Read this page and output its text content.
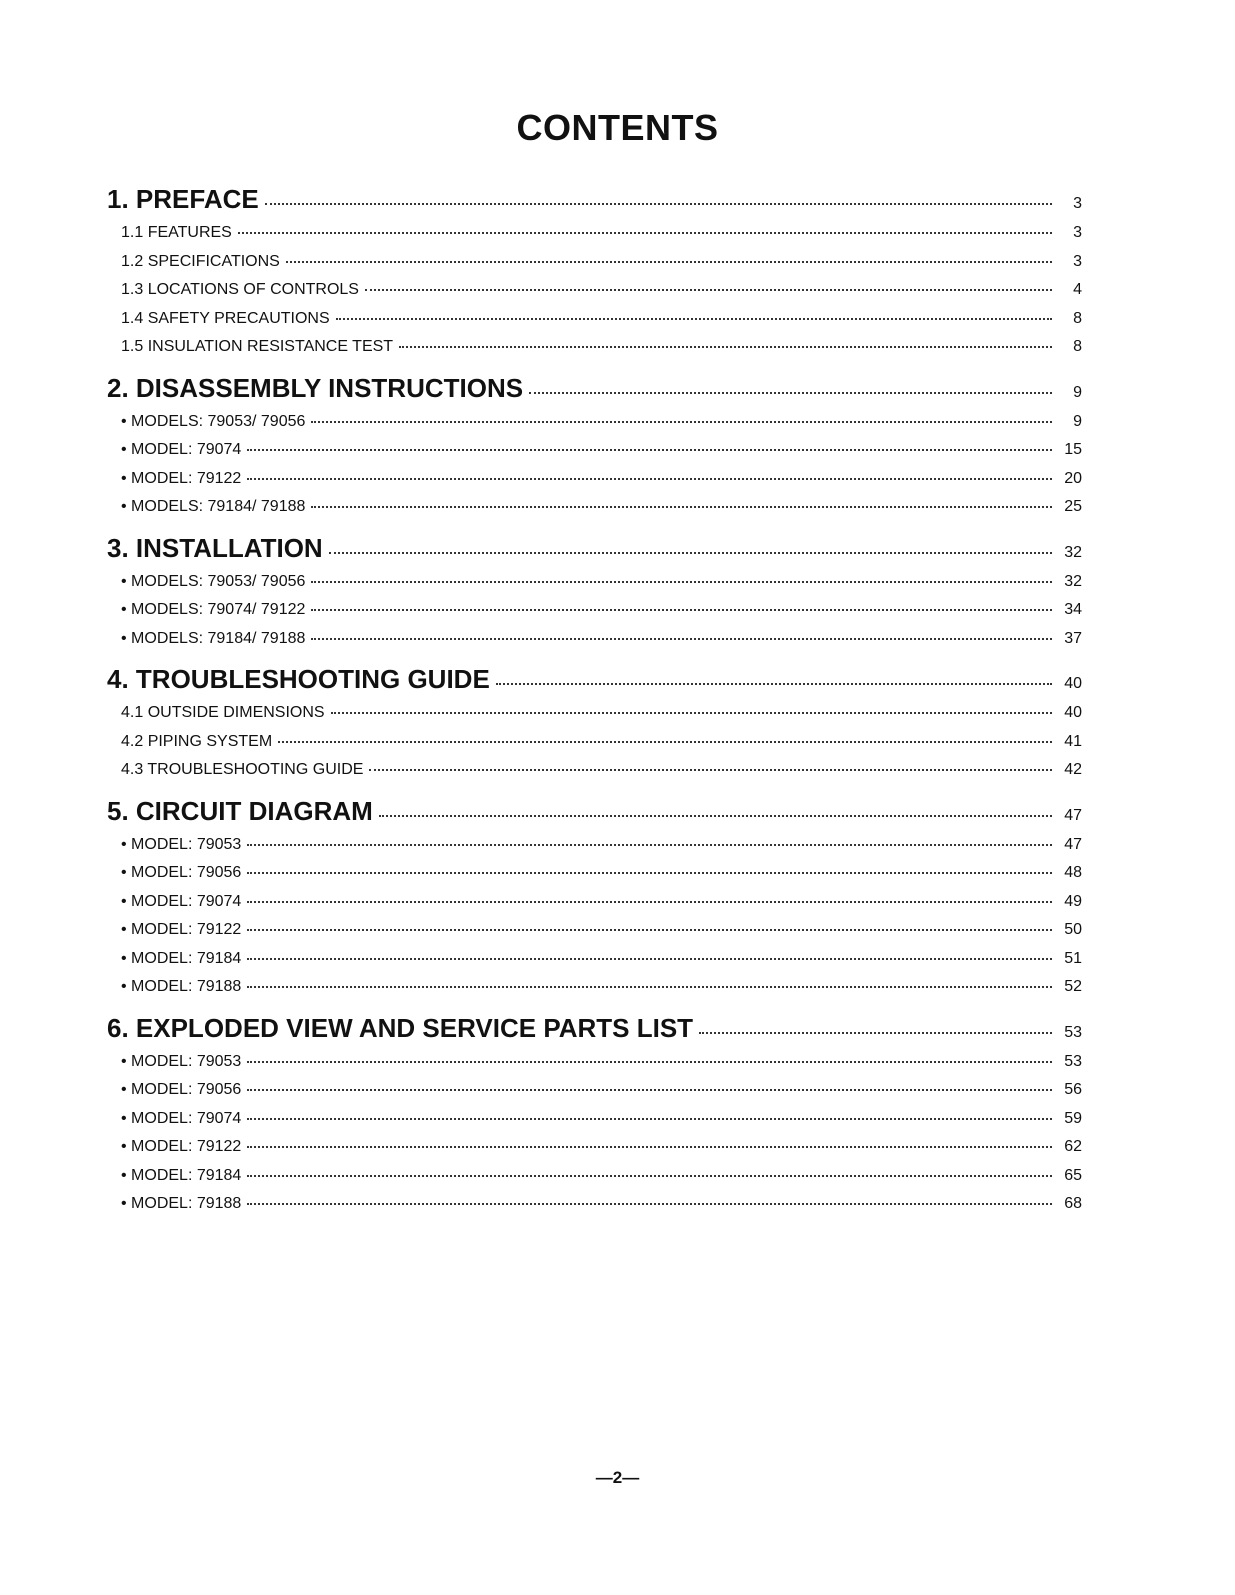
CONTENTS
1. PREFACE	3
1.1 FEATURES	3
1.2 SPECIFICATIONS	3
1.3 LOCATIONS OF CONTROLS	4
1.4 SAFETY PRECAUTIONS	8
1.5 INSULATION RESISTANCE TEST	8
2. DISASSEMBLY INSTRUCTIONS	9
• MODELS: 79053/ 79056	9
• MODEL: 79074	15
• MODEL: 79122	20
• MODELS: 79184/ 79188	25
3. INSTALLATION	32
• MODELS: 79053/ 79056	32
• MODELS: 79074/ 79122	34
• MODELS: 79184/ 79188	37
4. TROUBLESHOOTING GUIDE	40
4.1 OUTSIDE DIMENSIONS	40
4.2 PIPING SYSTEM	41
4.3 TROUBLESHOOTING GUIDE	42
5. CIRCUIT DIAGRAM	47
• MODEL: 79053	47
• MODEL: 79056	48
• MODEL: 79074	49
• MODEL: 79122	50
• MODEL: 79184	51
• MODEL: 79188	52
6. EXPLODED VIEW AND SERVICE PARTS LIST	53
• MODEL: 79053	53
• MODEL: 79056	56
• MODEL: 79074	59
• MODEL: 79122	62
• MODEL: 79184	65
• MODEL: 79188	68
—2—
